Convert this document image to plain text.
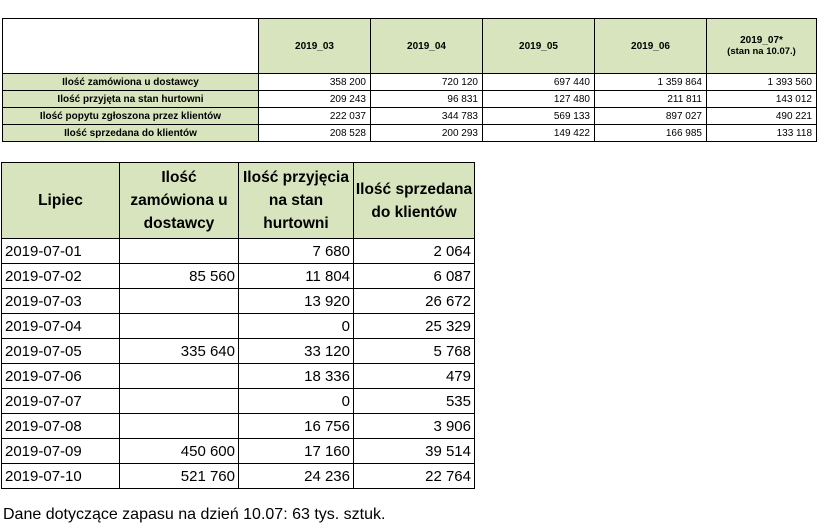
	2019_03	2019_04	2019_05	2019_06	2019_07*
(stan na 10.07.)

Ilość zamówiona u dostawcy	358 200	720 120	697 440	1 359 864	1 393 560
Ilość przyjęta na stan hurtowni	209 243	96 831	127 480	211 811	143 012
Ilość popytu zgłoszona przez klientów	222 037	344 783	569 133	897 027	490 221
Ilość sprzedana do klientów	208 528	200 293	149 422	166 985	133 118
Lipiec	Ilość zamówiona u dostawcy	Ilość przyjęcia na stan hurtowni	Ilość sprzedana do klientów
2019-07-01		7 680	2 064
2019-07-02	85 560	11 804	6 087
2019-07-03		13 920	26 672
2019-07-04		0	25 329
2019-07-05	335 640	33 120	5 768
2019-07-06		18 336	479
2019-07-07		0	535
2019-07-08		16 756	3 906
2019-07-09	450 600	17 160	39 514
2019-07-10	521 760	24 236	22 764
Dane dotyczące zapasu na dzień 10.07: 63 tys. sztuk.
